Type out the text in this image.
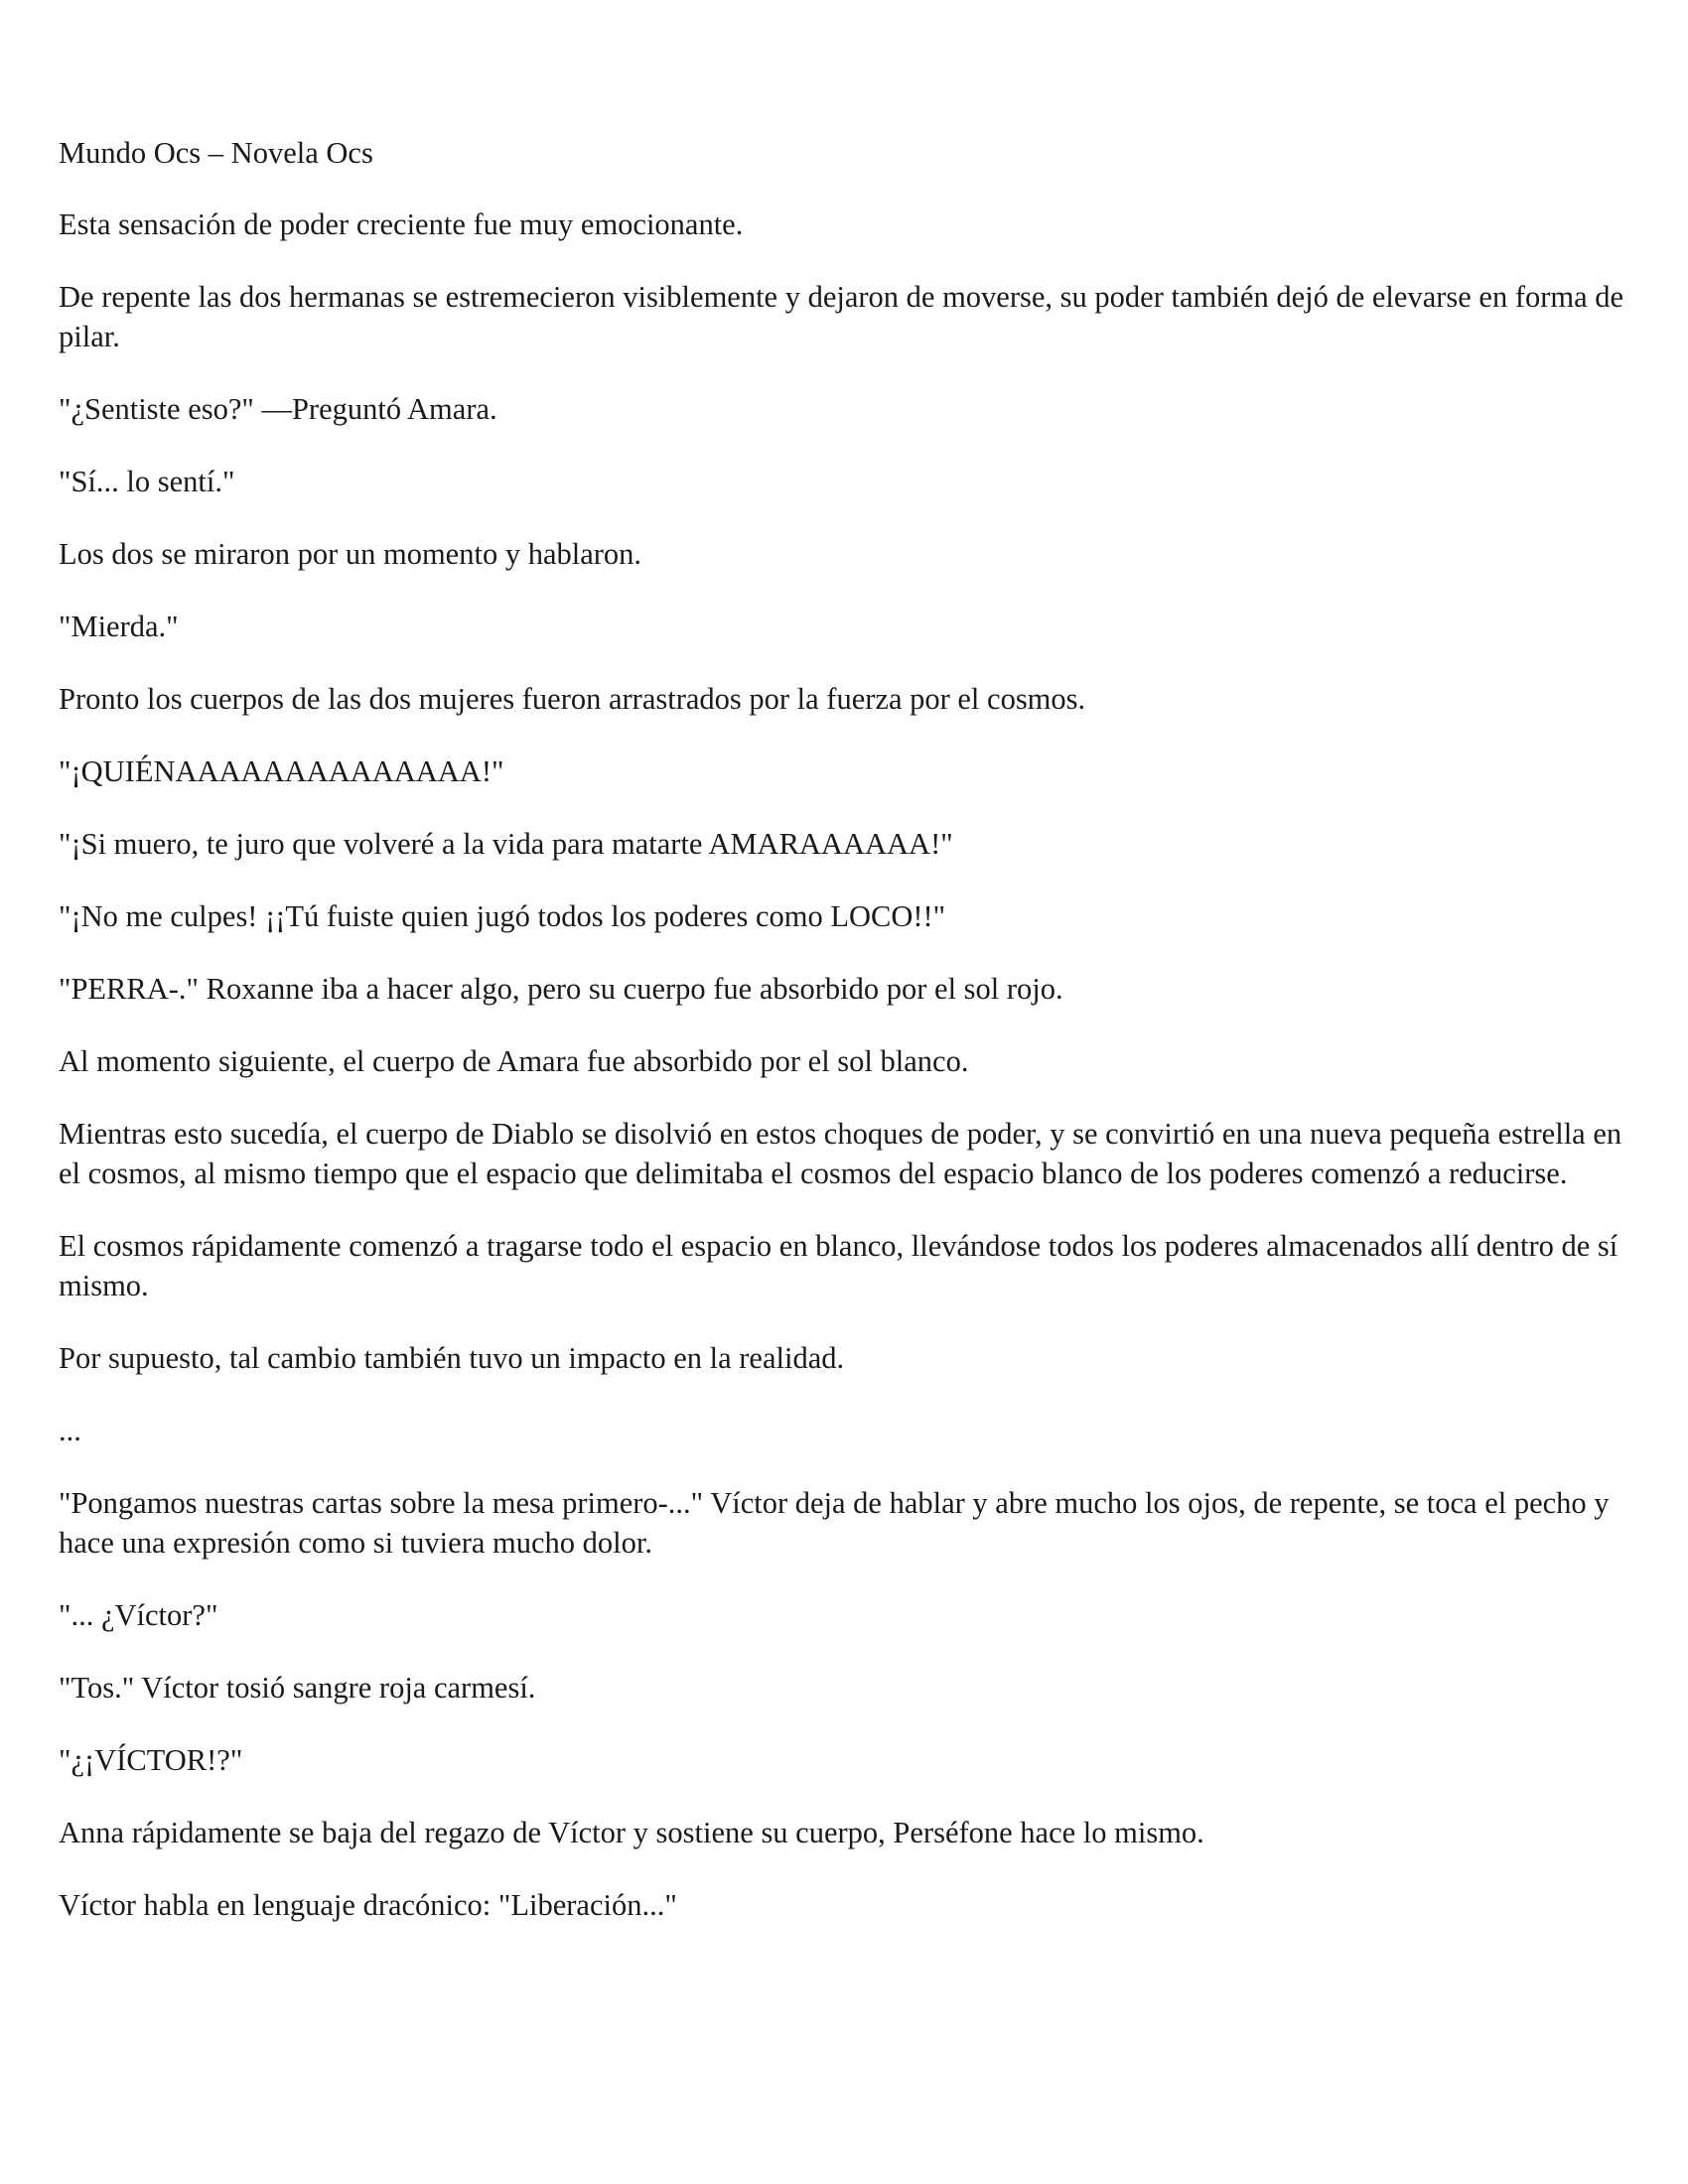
Mundo Ocs – Novela Ocs

Esta sensación de poder creciente fue muy emocionante.

De repente las dos hermanas se estremecieron visiblemente y dejaron de moverse, su poder también dejó de elevarse en forma de pilar.

"¿Sentiste eso?" —Preguntó Amara.

"Sí... lo sentí."

Los dos se miraron por un momento y hablaron.

"Mierda."

Pronto los cuerpos de las dos mujeres fueron arrastrados por la fuerza por el cosmos.

"¡QUIÉNAAAAAAAAAAAAAA!"

"¡Si muero, te juro que volveré a la vida para matarte AMARAAAAAA!"

"¡No me culpes! ¡¡Tú fuiste quien jugó todos los poderes como LOCO!!"

"PERRA-." Roxanne iba a hacer algo, pero su cuerpo fue absorbido por el sol rojo.

Al momento siguiente, el cuerpo de Amara fue absorbido por el sol blanco.

Mientras esto sucedía, el cuerpo de Diablo se disolvió en estos choques de poder, y se convirtió en una nueva pequeña estrella en el cosmos, al mismo tiempo que el espacio que delimitaba el cosmos del espacio blanco de los poderes comenzó a reducirse.

El cosmos rápidamente comenzó a tragarse todo el espacio en blanco, llevándose todos los poderes almacenados allí dentro de sí mismo.

Por supuesto, tal cambio también tuvo un impacto en la realidad.

...

"Pongamos nuestras cartas sobre la mesa primero-..." Víctor deja de hablar y abre mucho los ojos, de repente, se toca el pecho y hace una expresión como si tuviera mucho dolor.

"... ¿Víctor?"

"Tos." Víctor tosió sangre roja carmesí.

"¿¡VÍCTOR!?"

Anna rápidamente se baja del regazo de Víctor y sostiene su cuerpo, Perséfone hace lo mismo.

Víctor habla en lenguaje dracónico: "Liberación..."
